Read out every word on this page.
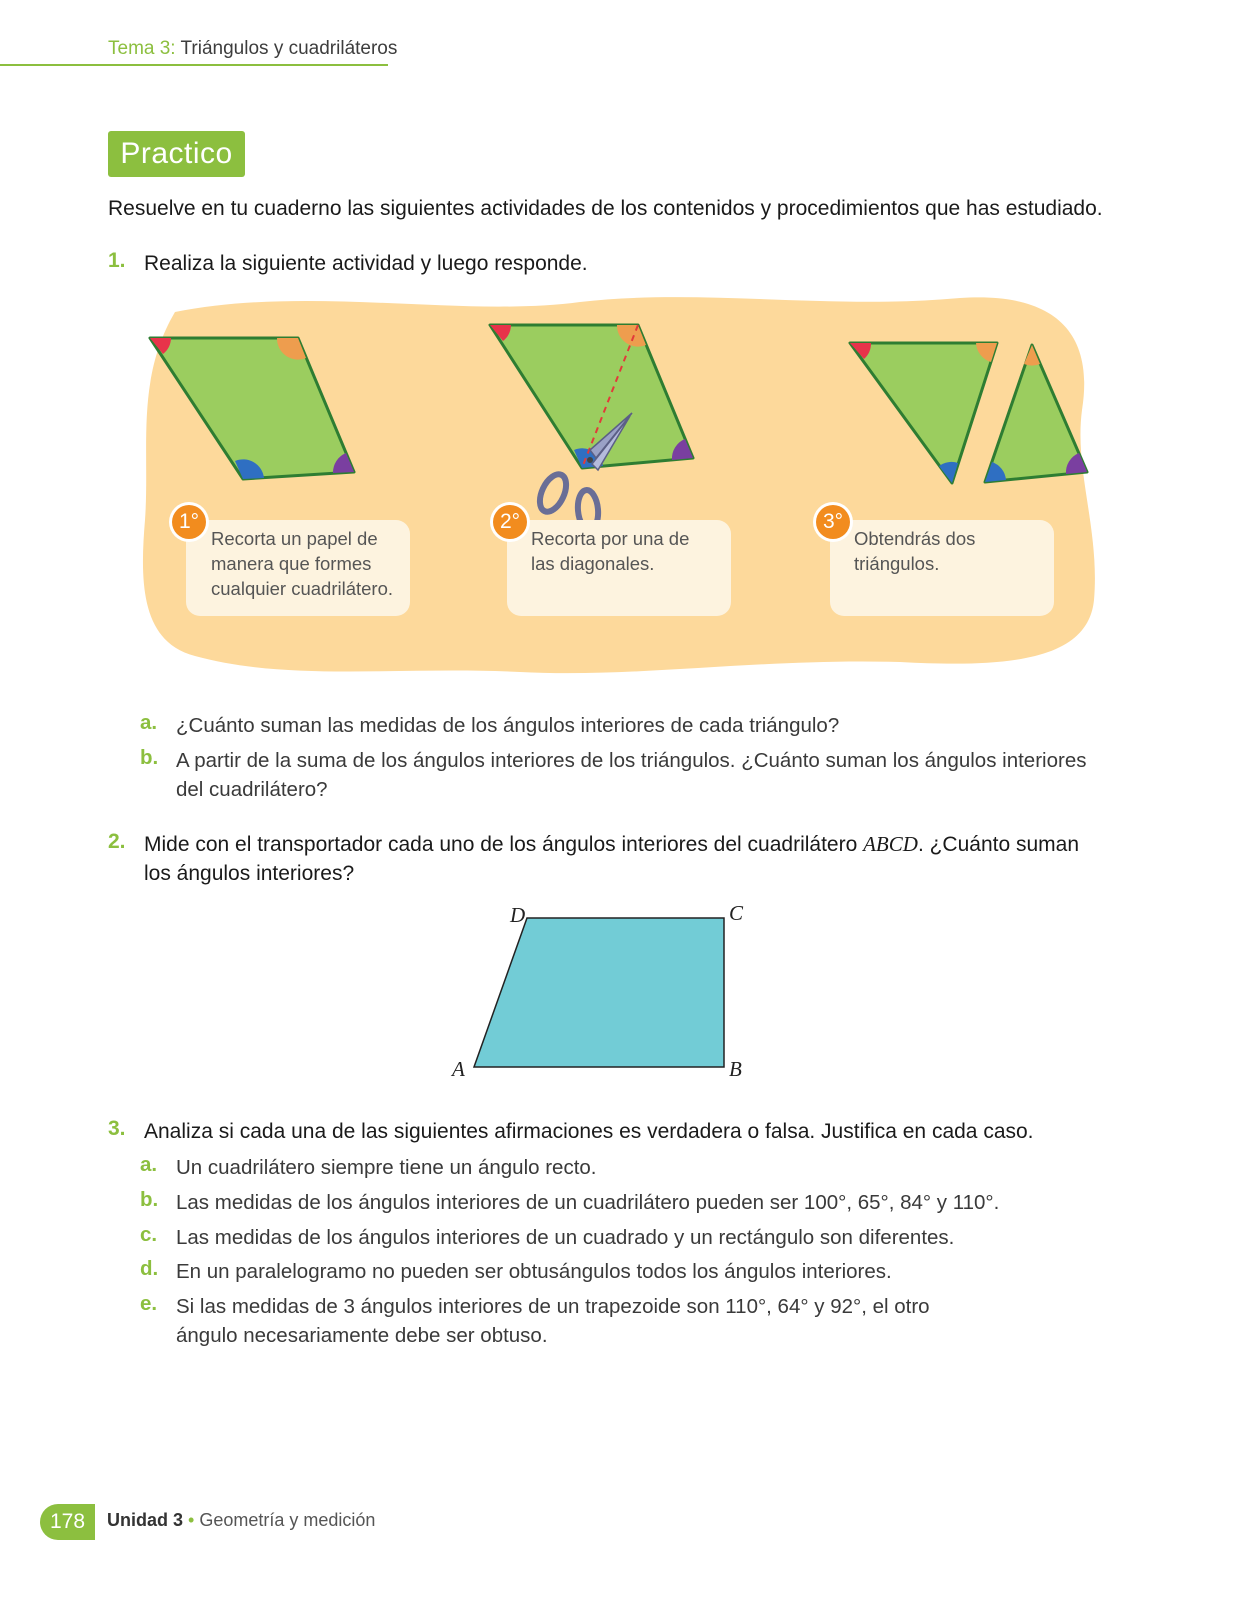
Tema 3: Triángulos y cuadriláteros
Practico
Resuelve en tu cuaderno las siguientes actividades de los contenidos y procedimientos que has estudiado.
1. Realiza la siguiente actividad y luego responde.
1°	2°	3°
Recorta un papel de manera que formes cualquier cuadrilátero.
Recorta por una de las diagonales.
Obtendrás dos triángulos.
a. ¿Cuánto suman las medidas de los ángulos interiores de cada triángulo?
b. A partir de la suma de los ángulos interiores de los triángulos. ¿Cuánto suman los ángulos interiores del cuadrilátero?
2. Mide con el transportador cada uno de los ángulos interiores del cuadrilátero ABCD. ¿Cuánto suman los ángulos interiores?
A	B
C
D
3. Analiza si cada una de las siguientes afirmaciones es verdadera o falsa. Justifica en cada caso.
a. Un cuadrilátero siempre tiene un ángulo recto.
b. Las medidas de los ángulos interiores de un cuadrilátero pueden ser 100°, 65°, 84° y 110°.
c. Las medidas de los ángulos interiores de un cuadrado y un rectángulo son diferentes.
d. En un paralelogramo no pueden ser obtusángulos todos los ángulos interiores.
e. Si las medidas de 3 ángulos interiores de un trapezoide son 110°, 64° y 92°, el otro ángulo necesariamente debe ser obtuso.
178	Unidad 3 • Geometría y medición
